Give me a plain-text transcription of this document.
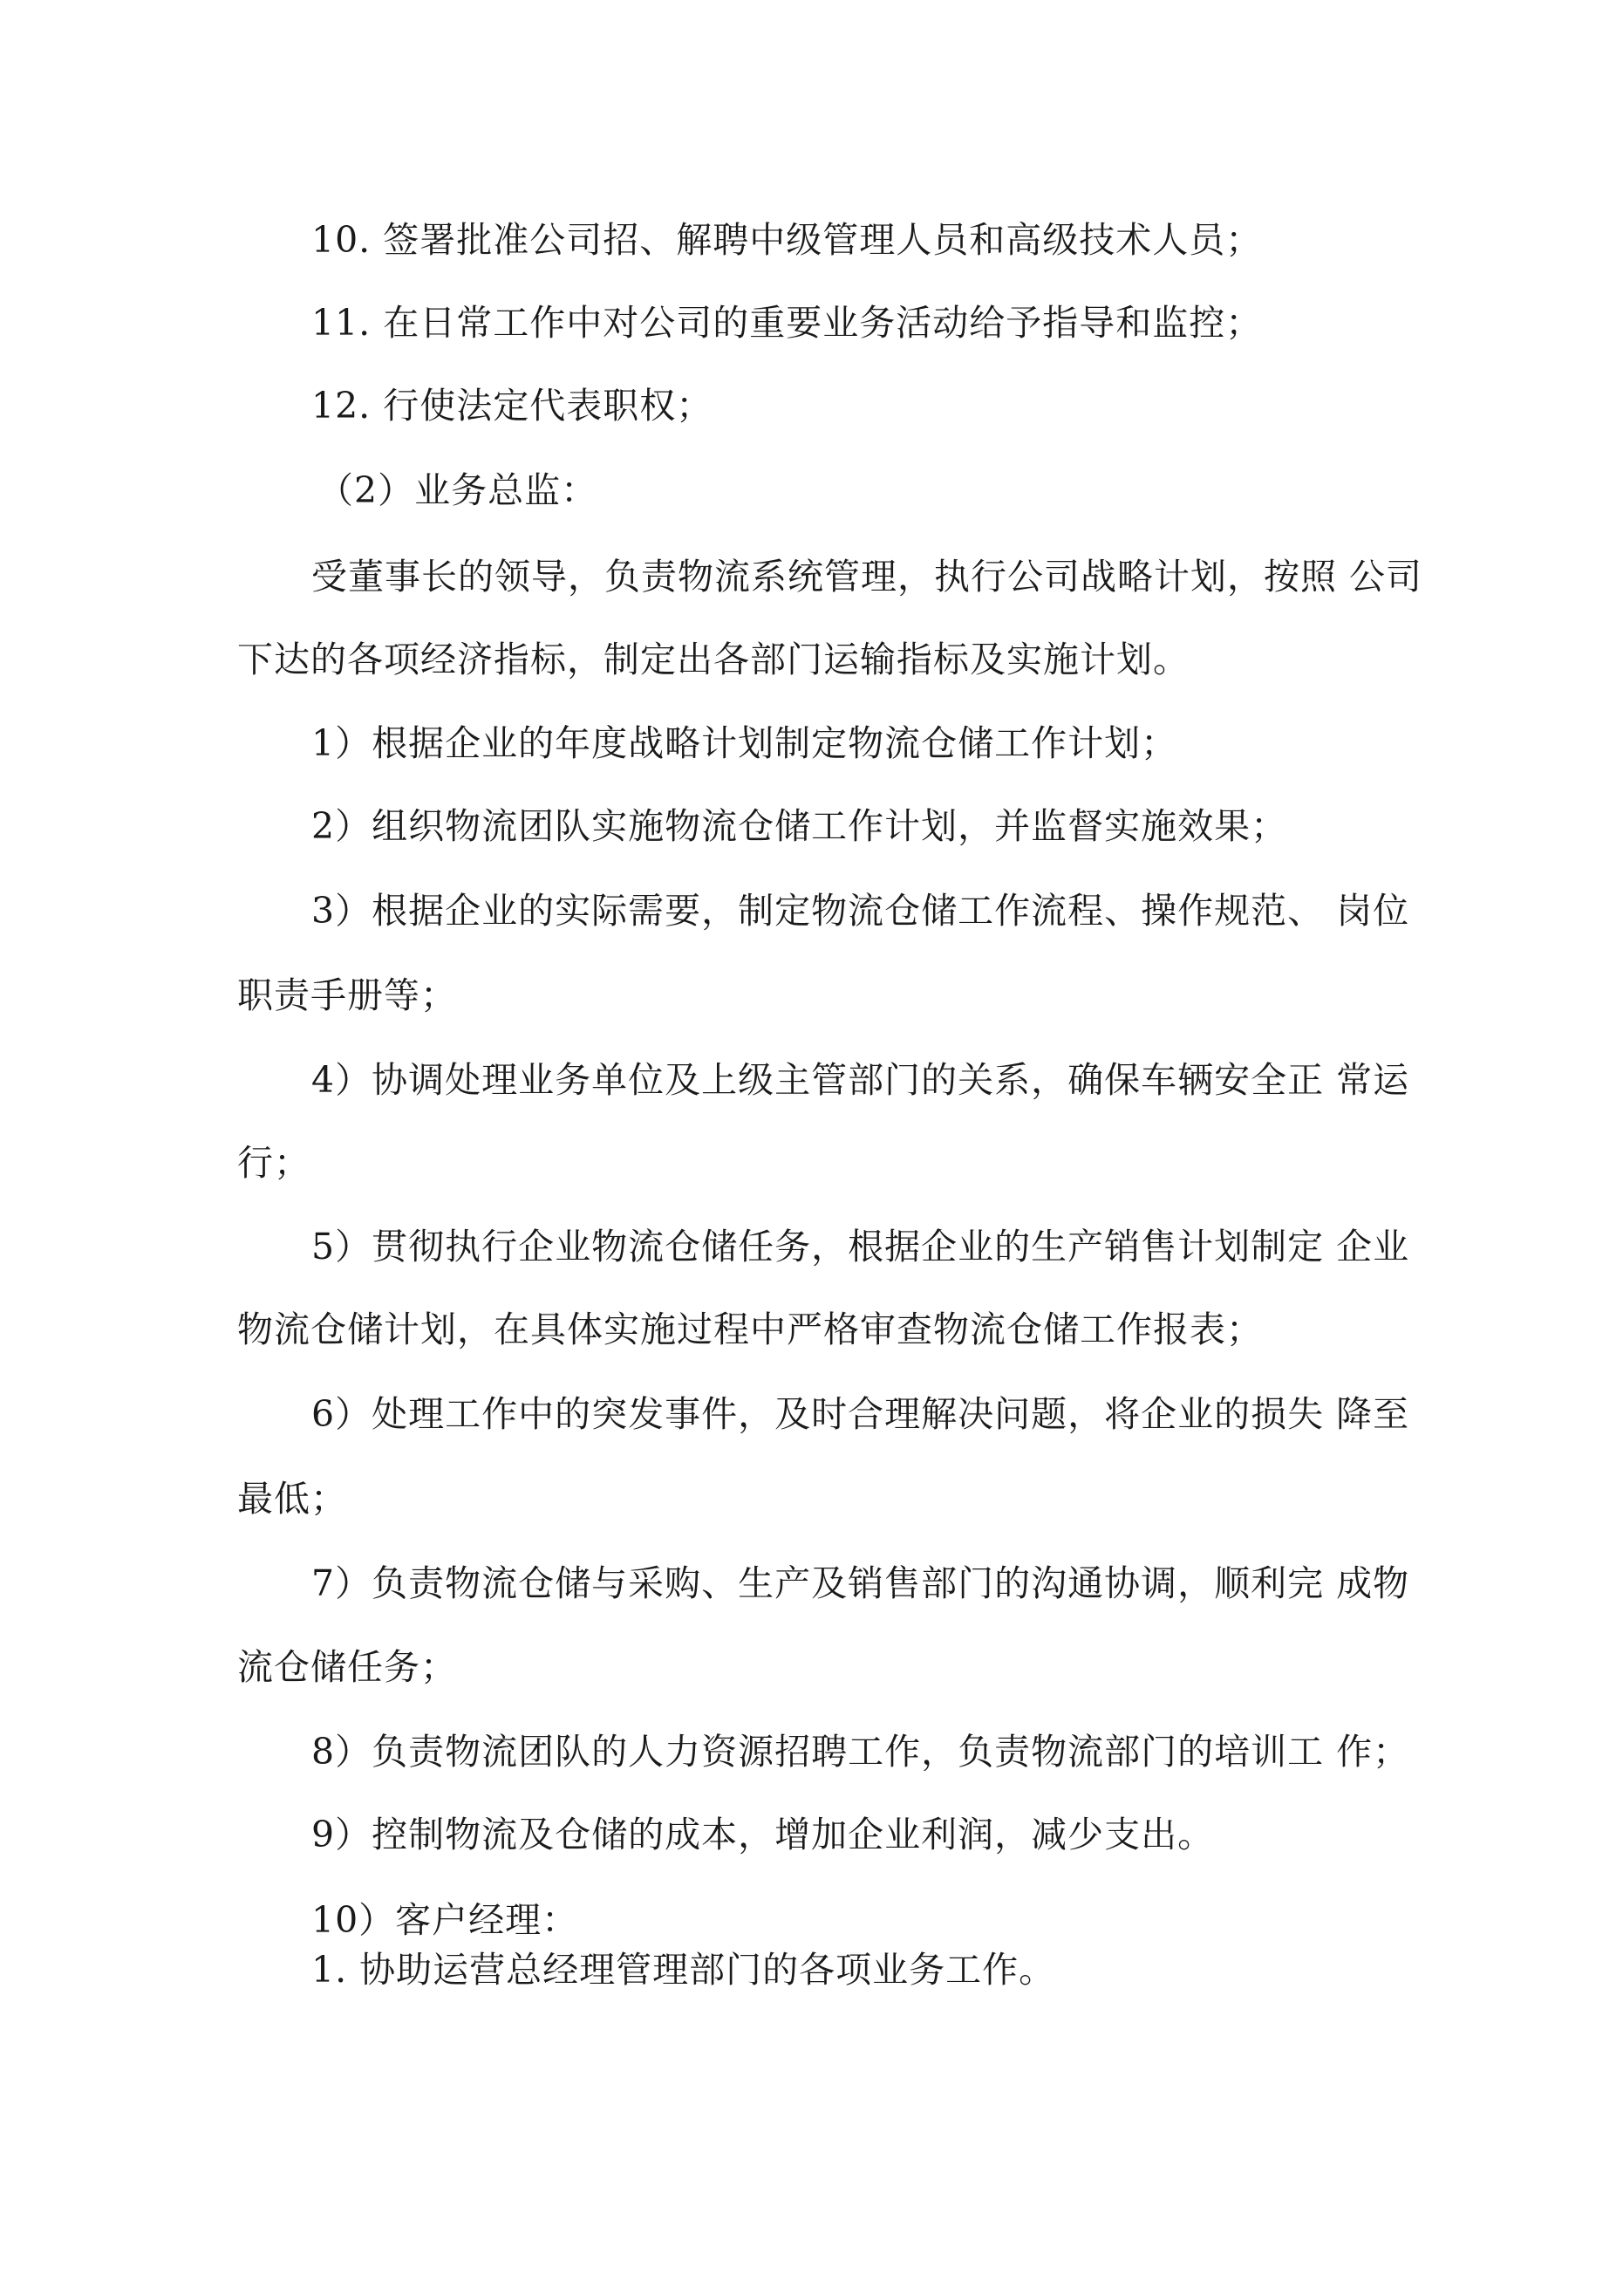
10. 签署批准公司招、解聘中级管理人员和高级技术人员；
11. 在日常工作中对公司的重要业务活动给予指导和监控；
12. 行使法定代表职权；
（2）业务总监：
受董事长的领导，负责物流系统管理，执行公司战略计划，按照 公司
下达的各项经济指标，制定出各部门运输指标及实施计划。
1）根据企业的年度战略计划制定物流仓储工作计划；
2）组织物流团队实施物流仓储工作计划，并监督实施效果；
3）根据企业的实际需要，制定物流仓储工作流程、操作规范、 岗位
职责手册等；
4）协调处理业务单位及上级主管部门的关系，确保车辆安全正 常运
行；
5）贯彻执行企业物流仓储任务，根据企业的生产销售计划制定 企业
物流仓储计划，在具体实施过程中严格审查物流仓储工作报表；
6）处理工作中的突发事件，及时合理解决问题，将企业的损失 降至
最低；
7）负责物流仓储与采购、生产及销售部门的沟通协调，顺利完 成物
流仓储任务；
8）负责物流团队的人力资源招聘工作，负责物流部门的培训工 作；
9）控制物流及仓储的成本，增加企业利润，减少支出。
10）客户经理：
1. 协助运营总经理管理部门的各项业务工作。
